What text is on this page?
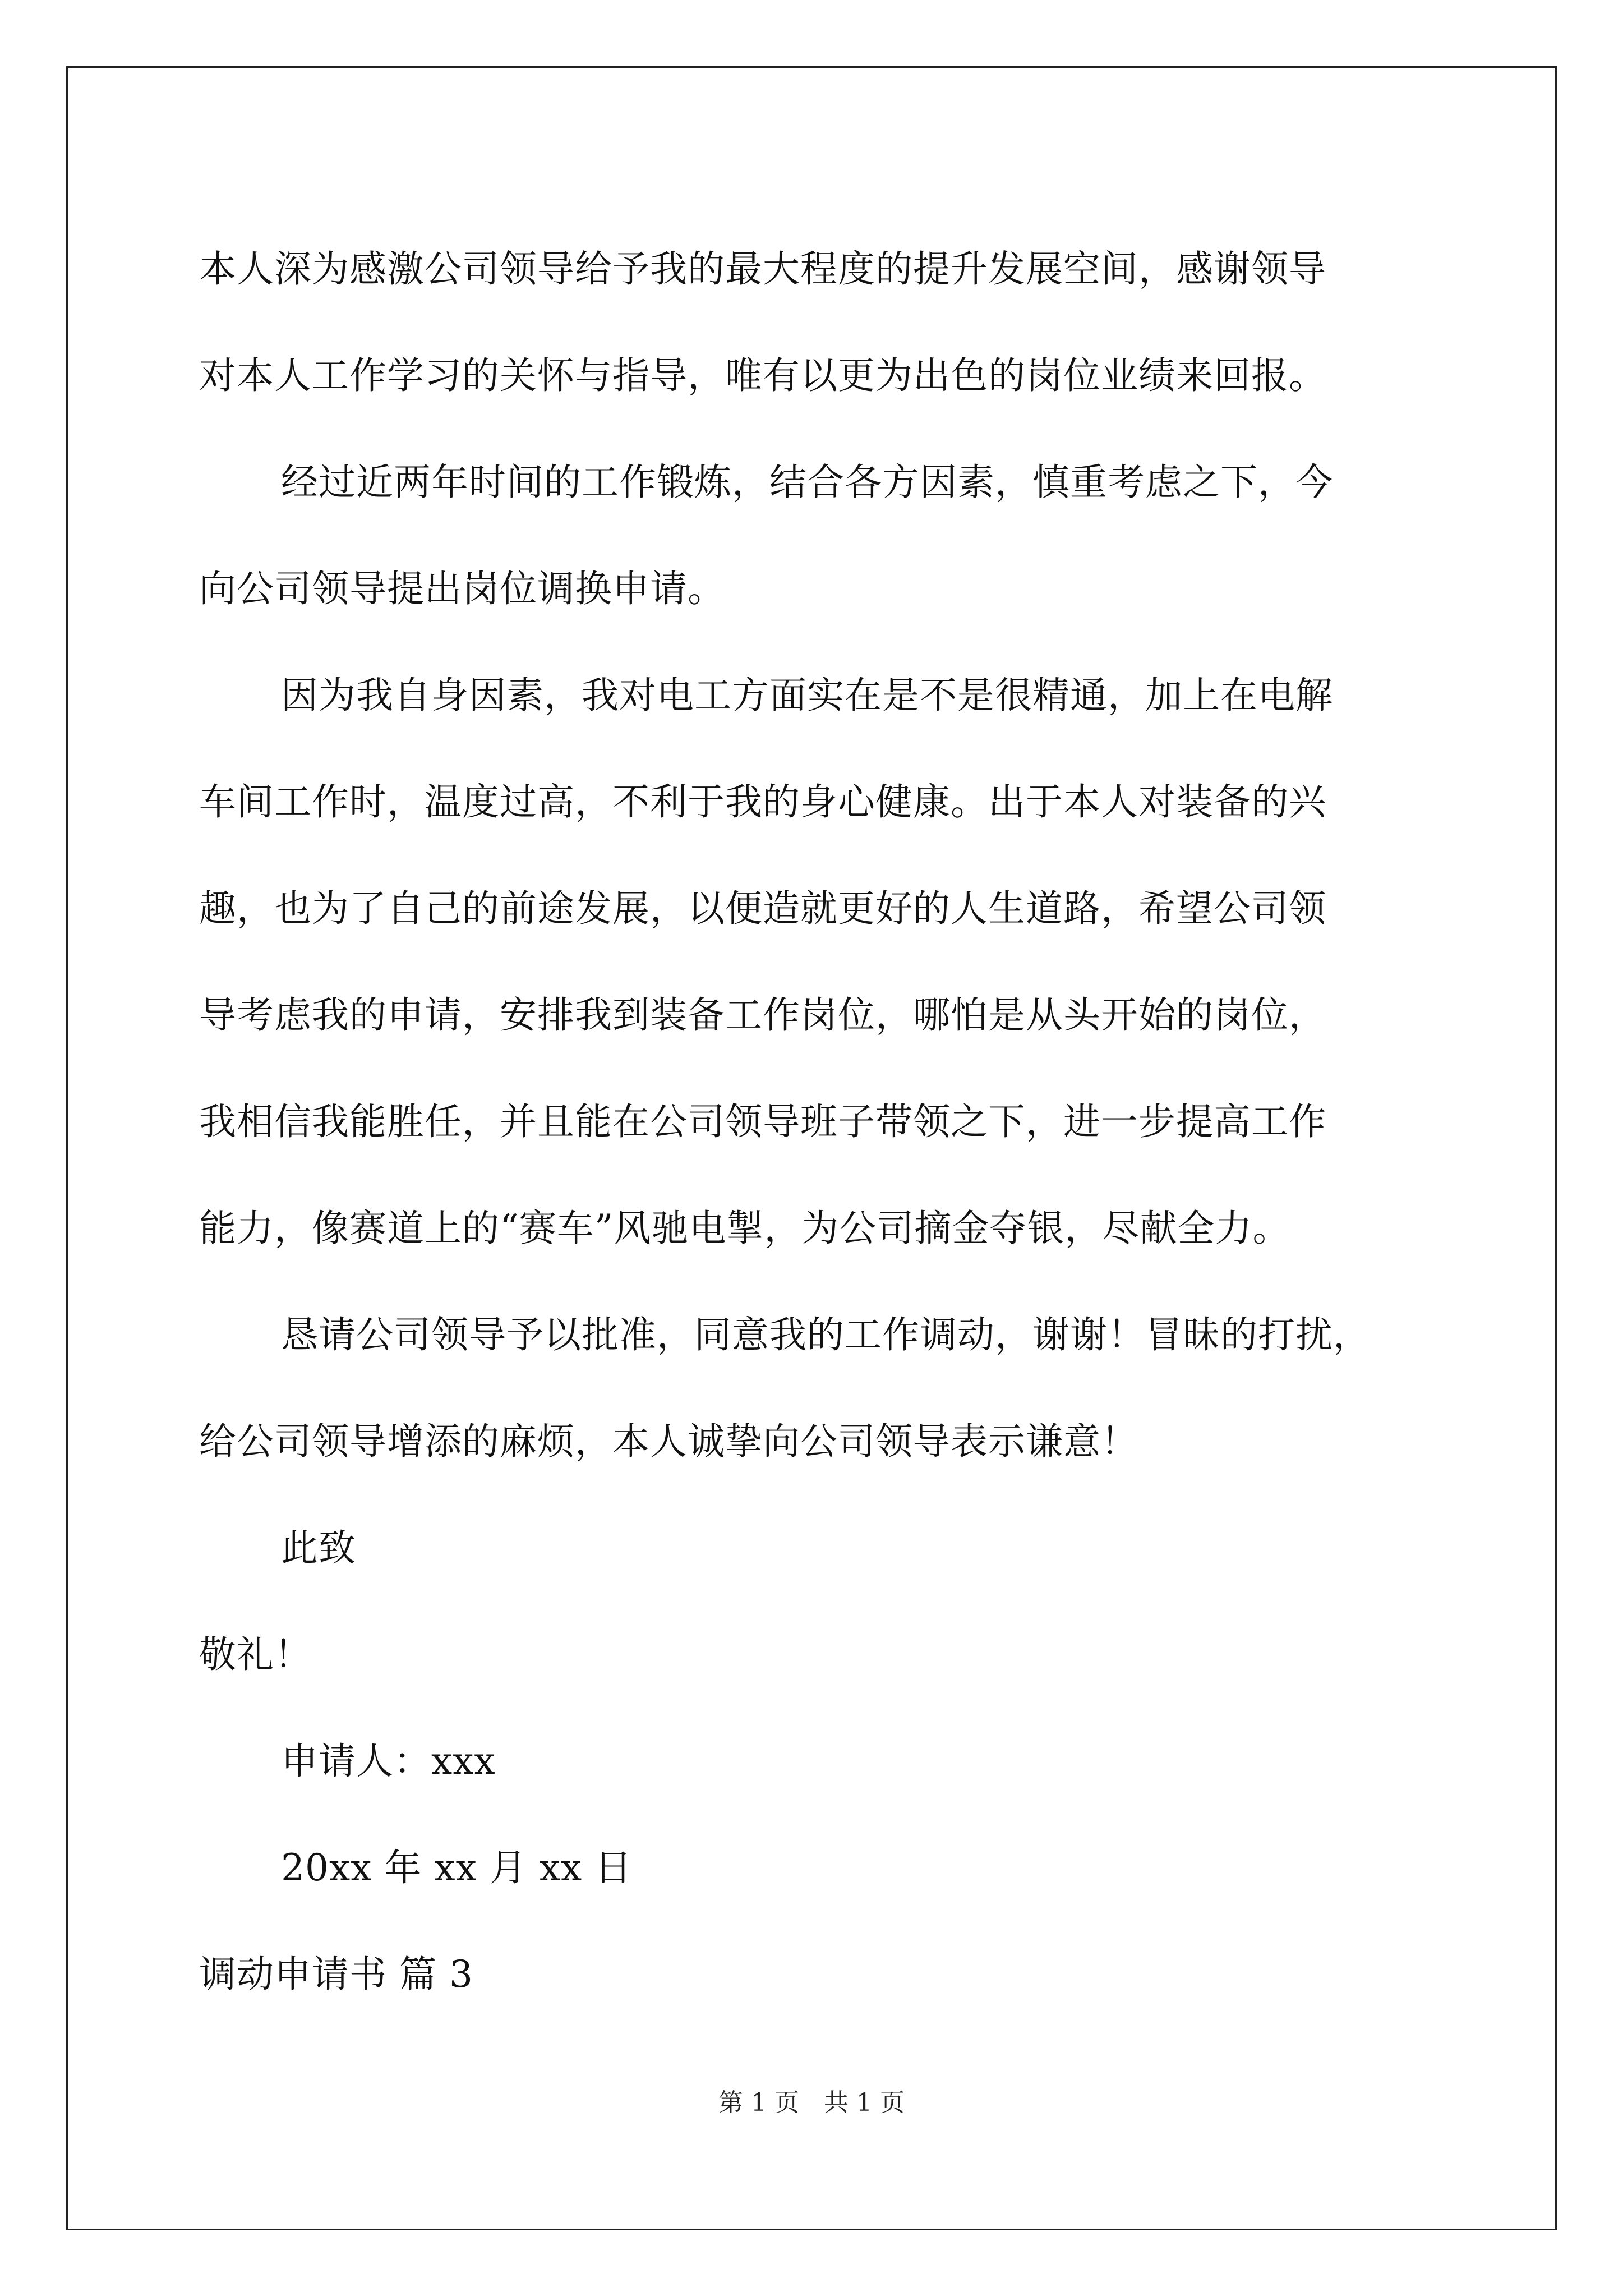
本人深为感激公司领导给予我的最大程度的提升发展空间，感谢领导
对本人工作学习的关怀与指导，唯有以更为出色的岗位业绩来回报。
经过近两年时间的工作锻炼，结合各方因素，慎重考虑之下，今
向公司领导提出岗位调换申请。
因为我自身因素，我对电工方面实在是不是很精通，加上在电解
车间工作时，温度过高，不利于我的身心健康。出于本人对装备的兴
趣，也为了自己的前途发展，以便造就更好的人生道路，希望公司领
导考虑我的申请，安排我到装备工作岗位，哪怕是从头开始的岗位，
我相信我能胜任，并且能在公司领导班子带领之下，进一步提高工作
能力，像赛道上的“赛车”风驰电掣，为公司摘金夺银，尽献全力。
恳请公司领导予以批准，同意我的工作调动，谢谢！冒昧的打扰，
给公司领导增添的麻烦，本人诚挚向公司领导表示谦意！
此致
敬礼！
申请人：xxx
20xx 年 xx 月 xx 日
调动申请书 篇 3
第 1 页　共 1 页
